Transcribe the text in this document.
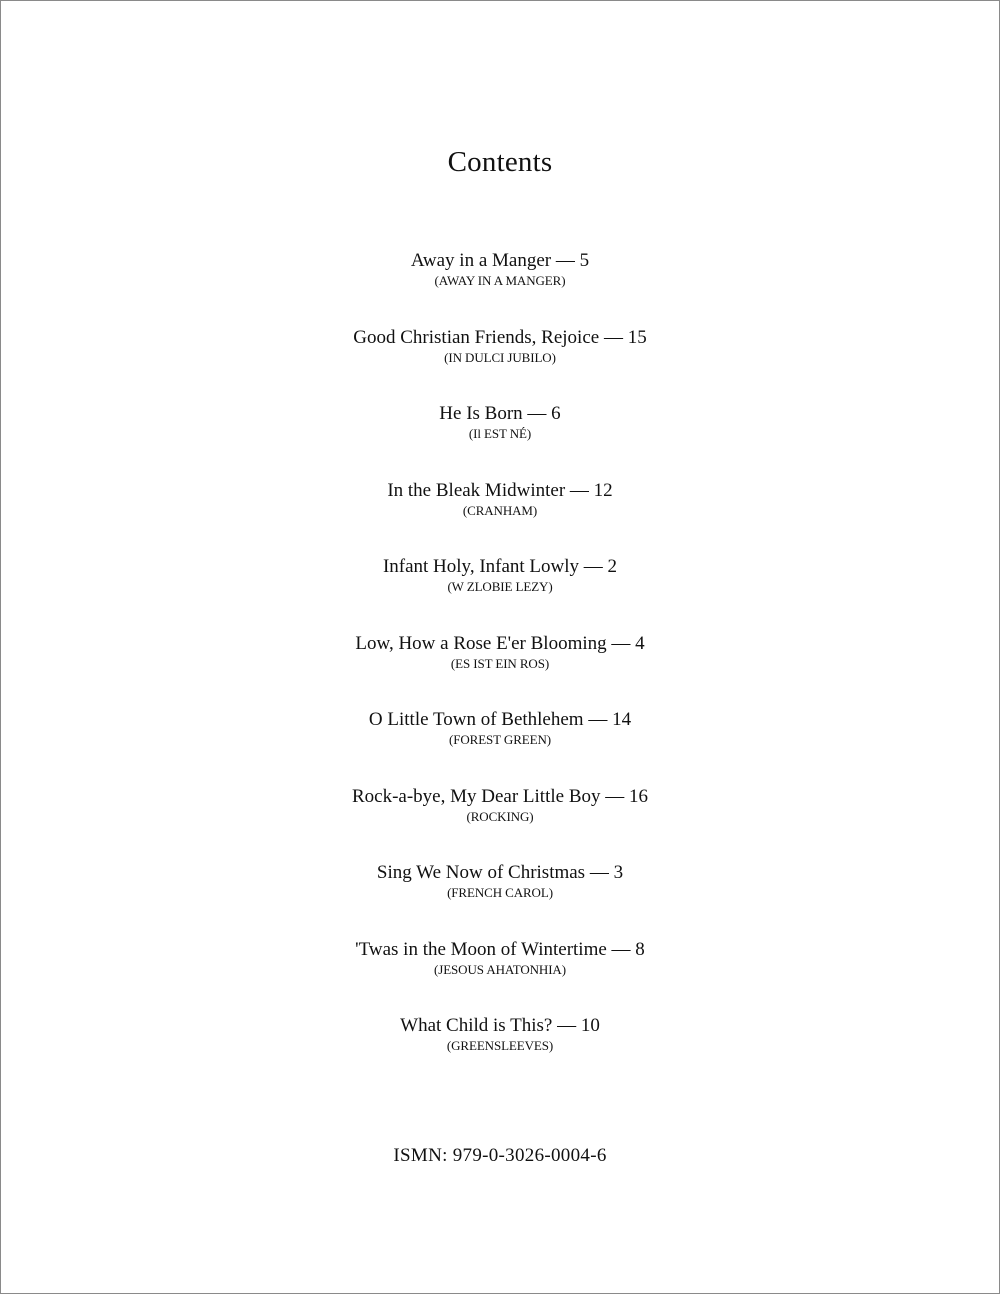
Contents
Away in a Manger — 5
(AWAY IN A MANGER)
Good Christian Friends, Rejoice — 15
(IN DULCI JUBILO)
He Is Born — 6
(Il EST NÉ)
In the Bleak Midwinter — 12
(CRANHAM)
Infant Holy, Infant Lowly — 2
(W ZLOBIE LEZY)
Low, How a Rose E'er Blooming — 4
(ES IST EIN ROS)
O Little Town of Bethlehem — 14
(FOREST GREEN)
Rock-a-bye, My Dear Little Boy — 16
(ROCKING)
Sing We Now of Christmas — 3
(FRENCH CAROL)
'Twas in the Moon of Wintertime — 8
(JESOUS AHATONHIA)
What Child is This? — 10
(GREENSLEEVES)
ISMN: 979-0-3026-0004-6
